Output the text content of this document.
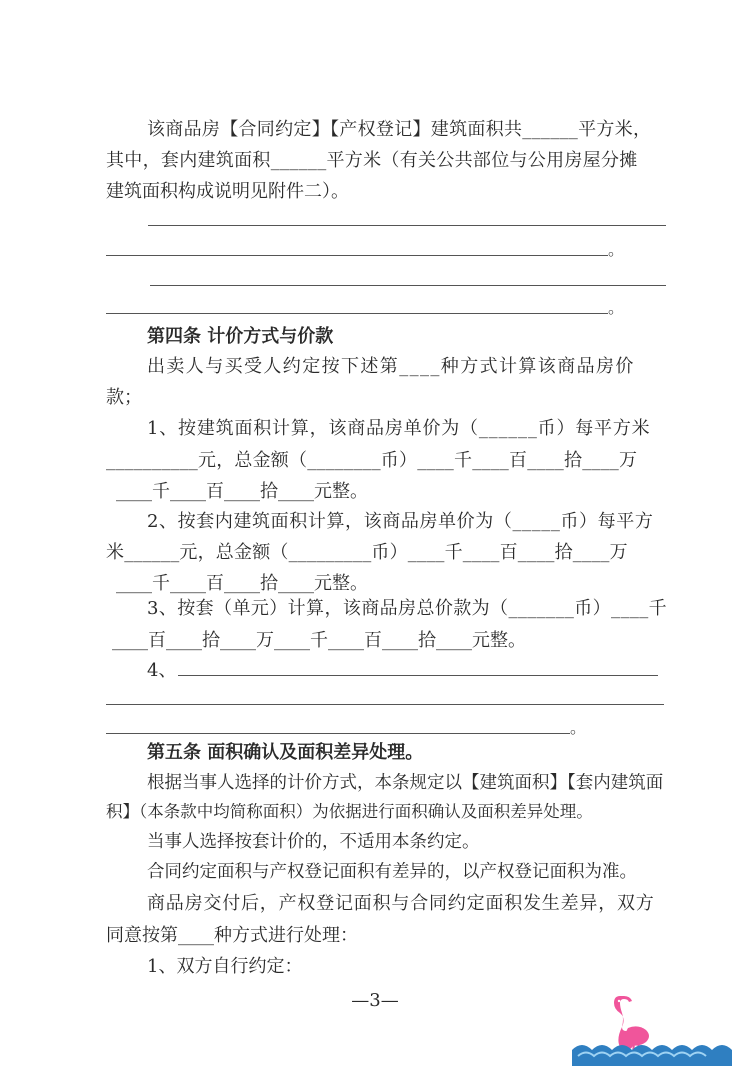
该商品房【合同约定】【产权登记】建筑面积共______平方米，
其中，套内建筑面积______平方米（有关公共部位与公用房屋分摊
建筑面积构成说明见附件二）。
。
。
第四条 计价方式与价款
出卖人与买受人约定按下述第____种方式计算该商品房价
款；
1、按建筑面积计算，该商品房单价为（______币）每平方米
__________元，总金额（________币）____千____百____拾____万
____千____百____拾____元整。
2、按套内建筑面积计算，该商品房单价为（_____币）每平方
米______元，总金额（_________币）____千____百____拾____万
____千____百____拾____元整。
3、按套（单元）计算，该商品房总价款为（_______币）____千
____百____拾____万____千____百____拾____元整。
4、
。
第五条 面积确认及面积差异处理。
根据当事人选择的计价方式，本条规定以【建筑面积】【套内建筑面
积】（本条款中均简称面积）为依据进行面积确认及面积差异处理。
当事人选择按套计价的，不适用本条约定。
合同约定面积与产权登记面积有差异的，以产权登记面积为准。
商品房交付后，产权登记面积与合同约定面积发生差异，双方
同意按第____种方式进行处理：
1、双方自行约定：
—3—
